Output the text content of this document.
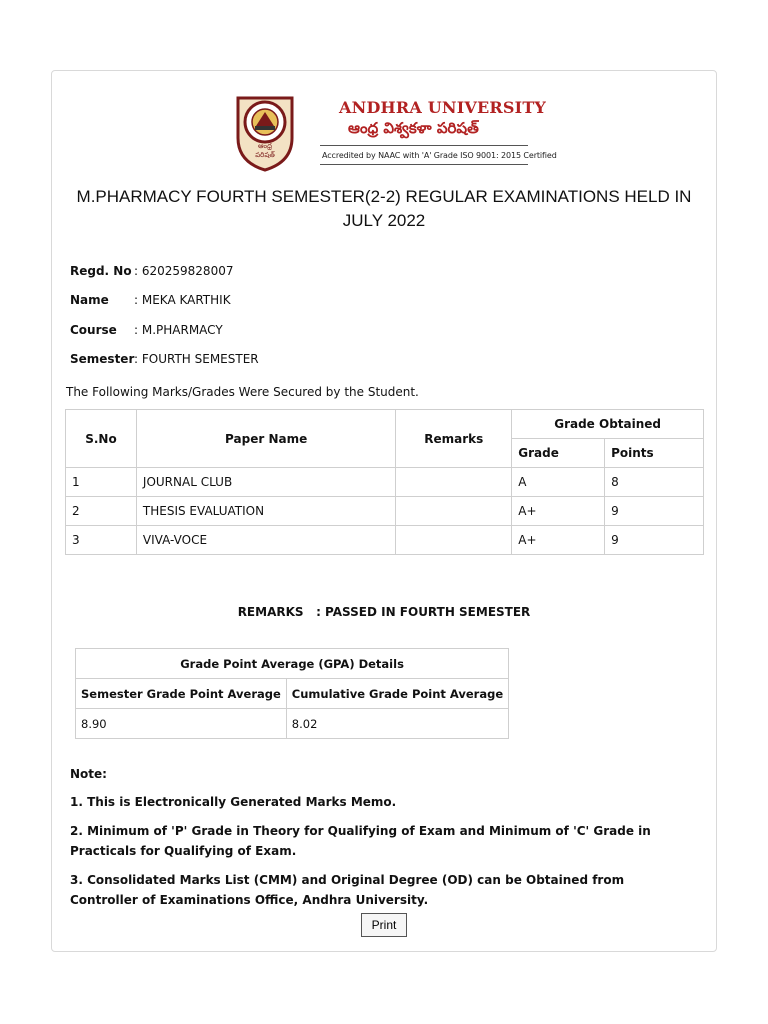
ఆంధ్ర
పరిషత్
ANDHRA UNIVERSITY
ఆంధ్ర విశ్వకళా పరిషత్
Accredited by NAAC with 'A' Grade ISO 9001: 2015 Certified
M.PHARMACY FOURTH SEMESTER(2-2) REGULAR EXAMINATIONS HELD IN JULY 2022
Regd. No : 620259828007
Name : MEKA KARTHIK
Course : M.PHARMACY
Semester: FOURTH SEMESTER
The Following Marks/Grades Were Secured by the Student.
S.No	Paper Name	Remarks	Grade Obtained	
			Grade	Points
1	JOURNAL CLUB		A	8
2	THESIS EVALUATION		A+	9
3	VIVA-VOCE		A+	9
REMARKS   : PASSED IN FOURTH SEMESTER
Grade Point Average (GPA) Details	
Semester Grade Point Average	Cumulative Grade Point Average
8.90	8.02
Note:
1. This is Electronically Generated Marks Memo.
2. Minimum of 'P' Grade in Theory for Qualifying of Exam and Minimum of 'C' Grade in Practicals for Qualifying of Exam.
3. Consolidated Marks List (CMM) and Original Degree (OD) can be Obtained from Controller of Examinations Office, Andhra University.
Print
